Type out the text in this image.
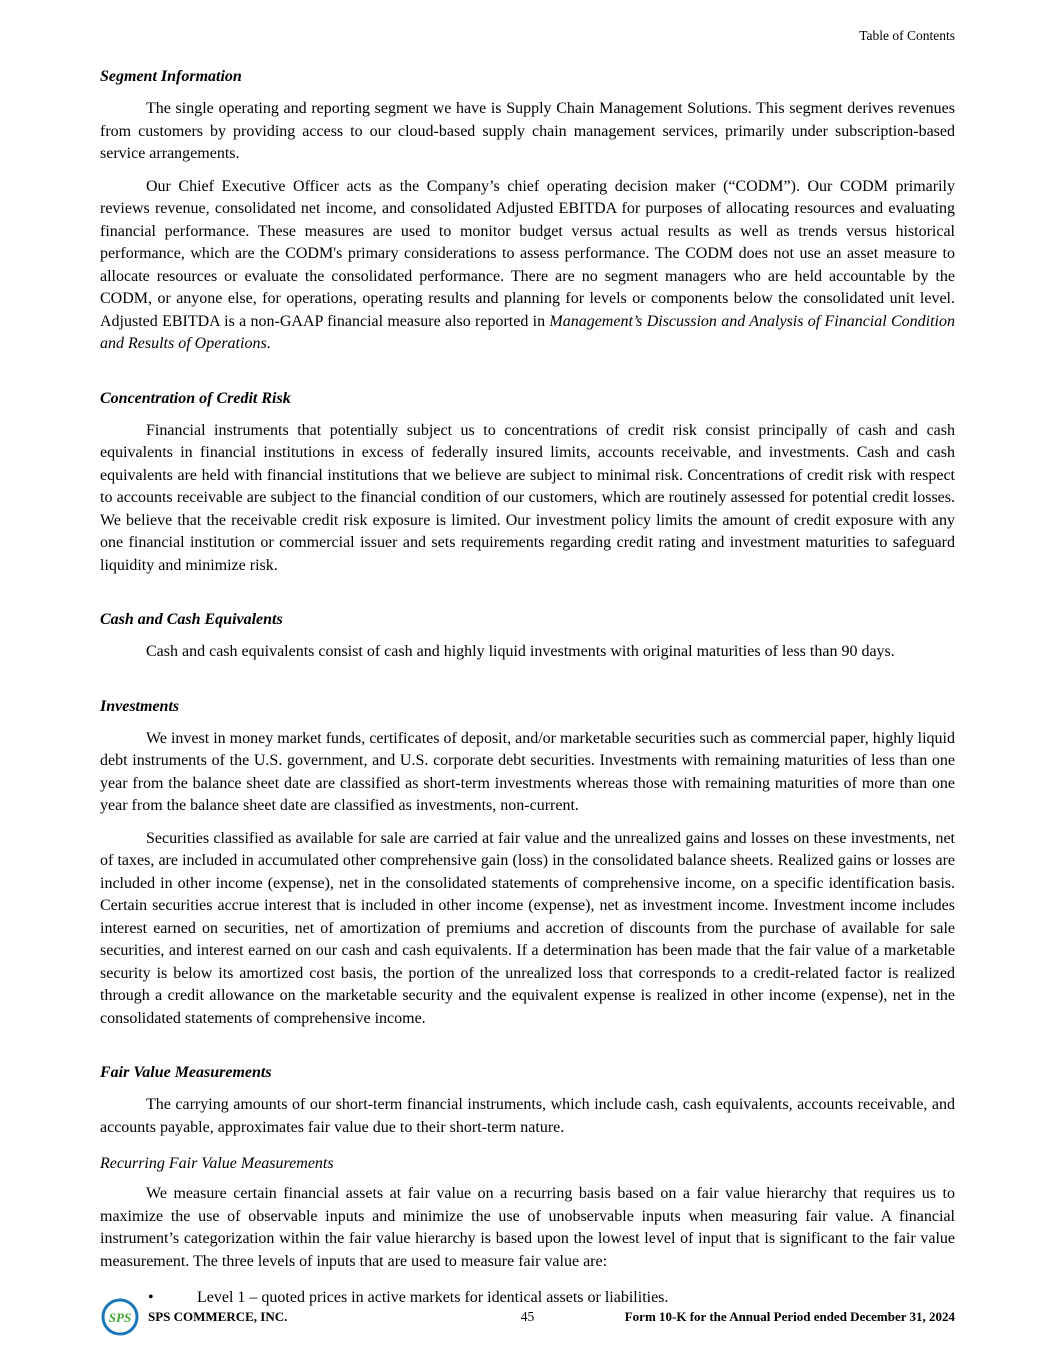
Table of Contents
Segment Information

The single operating and reporting segment we have is Supply Chain Management Solutions. This segment derives revenues from customers by providing access to our cloud-based supply chain management services, primarily under subscription-based service arrangements.

Our Chief Executive Officer acts as the Company’s chief operating decision maker (“CODM”). Our CODM primarily reviews revenue, consolidated net income, and consolidated Adjusted EBITDA for purposes of allocating resources and evaluating financial performance. These measures are used to monitor budget versus actual results as well as trends versus historical performance, which are the CODM's primary considerations to assess performance. The CODM does not use an asset measure to allocate resources or evaluate the consolidated performance. There are no segment managers who are held accountable by the CODM, or anyone else, for operations, operating results and planning for levels or components below the consolidated unit level. Adjusted EBITDA is a non-GAAP financial measure also reported in Management’s Discussion and Analysis of Financial Condition and Results of Operations.

Concentration of Credit Risk

Financial instruments that potentially subject us to concentrations of credit risk consist principally of cash and cash equivalents in financial institutions in excess of federally insured limits, accounts receivable, and investments. Cash and cash equivalents are held with financial institutions that we believe are subject to minimal risk. Concentrations of credit risk with respect to accounts receivable are subject to the financial condition of our customers, which are routinely assessed for potential credit losses. We believe that the receivable credit risk exposure is limited. Our investment policy limits the amount of credit exposure with any one financial institution or commercial issuer and sets requirements regarding credit rating and investment maturities to safeguard liquidity and minimize risk.

Cash and Cash Equivalents

Cash and cash equivalents consist of cash and highly liquid investments with original maturities of less than 90 days.

Investments

We invest in money market funds, certificates of deposit, and/or marketable securities such as commercial paper, highly liquid debt instruments of the U.S. government, and U.S. corporate debt securities. Investments with remaining maturities of less than one year from the balance sheet date are classified as short-term investments whereas those with remaining maturities of more than one year from the balance sheet date are classified as investments, non-current.

Securities classified as available for sale are carried at fair value and the unrealized gains and losses on these investments, net of taxes, are included in accumulated other comprehensive gain (loss) in the consolidated balance sheets. Realized gains or losses are included in other income (expense), net in the consolidated statements of comprehensive income, on a specific identification basis. Certain securities accrue interest that is included in other income (expense), net as investment income. Investment income includes interest earned on securities, net of amortization of premiums and accretion of discounts from the purchase of available for sale securities, and interest earned on our cash and cash equivalents. If a determination has been made that the fair value of a marketable security is below its amortized cost basis, the portion of the unrealized loss that corresponds to a credit-related factor is realized through a credit allowance on the marketable security and the equivalent expense is realized in other income (expense), net in the consolidated statements of comprehensive income.

Fair Value Measurements

The carrying amounts of our short-term financial instruments, which include cash, cash equivalents, accounts receivable, and accounts payable, approximates fair value due to their short-term nature.

Recurring Fair Value Measurements

We measure certain financial assets at fair value on a recurring basis based on a fair value hierarchy that requires us to maximize the use of observable inputs and minimize the use of unobservable inputs when measuring fair value. A financial instrument’s categorization within the fair value hierarchy is based upon the lowest level of input that is significant to the fair value measurement. The three levels of inputs that are used to measure fair value are:

•	Level 1 – quoted prices in active markets for identical assets or liabilities.
SPS SPS COMMERCE, INC.	45	Form 10-K for the Annual Period ended December 31, 2024
